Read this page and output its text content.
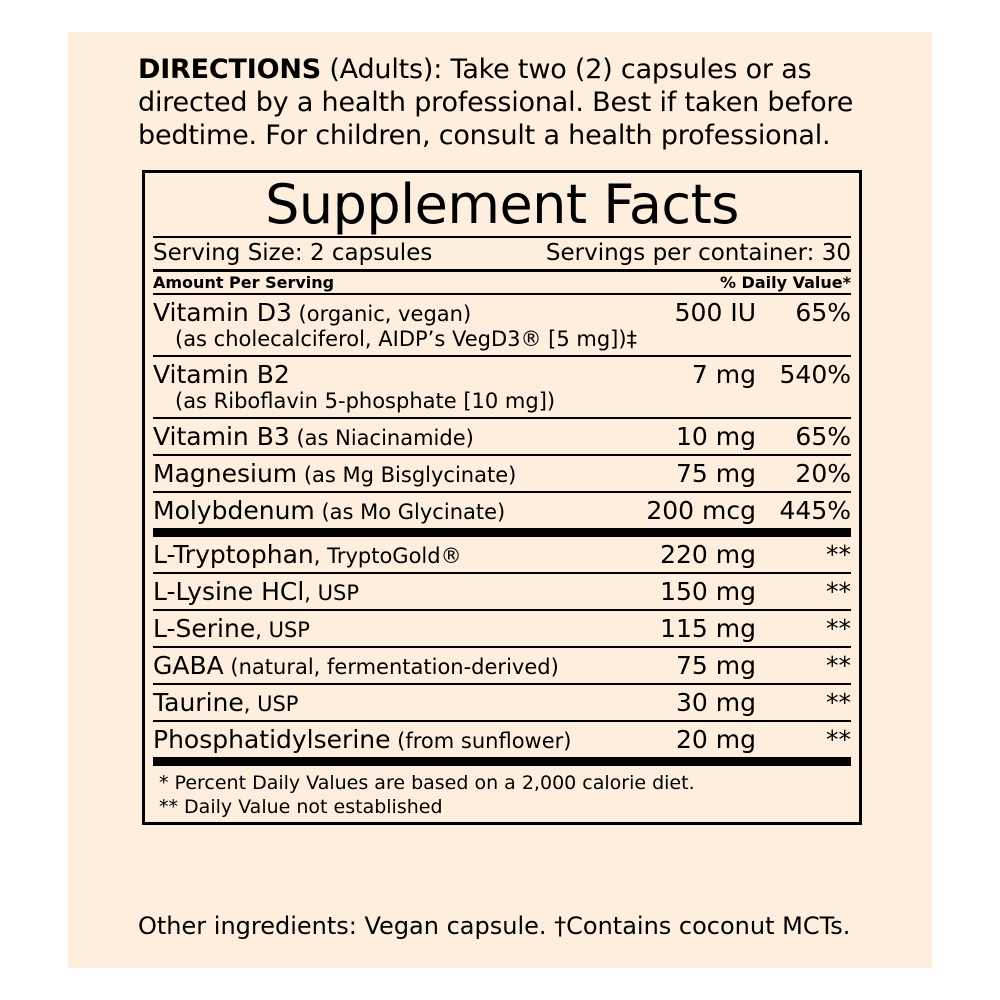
DIRECTIONS (Adults): Take two (2) capsules or as directed by a health professional. Best if taken before bedtime. For children, consult a health professional.
Supplement Facts
Serving Size: 2 capsules	Servings per container: 30
Amount Per Serving	% Daily Value*
Vitamin D3 (organic, vegan)	500 IU	65%
(as cholecalciferol, AIDP’s VegD3® [5 mg])‡
Vitamin B2	7 mg 540%
(as Riboflavin 5-phosphate [10 mg])
Vitamin B3 (as Niacinamide)	10 mg	65%
Magnesium (as Mg Bisglycinate)	75 mg	20%
Molybdenum (as Mo Glycinate)	200 mcg 445%
L-Tryptophan, TryptoGold®	220 mg	**
L-Lysine HCl, USP	150 mg	**
L-Serine, USP	115 mg	**
GABA (natural, fermentation-derived)	75 mg	**
Taurine, USP	30 mg	**
Phosphatidylserine (from sunflower)	20 mg	**
* Percent Daily Values are based on a 2,000 calorie diet.
** Daily Value not established
Other ingredients: Vegan capsule. †Contains coconut MCTs.
